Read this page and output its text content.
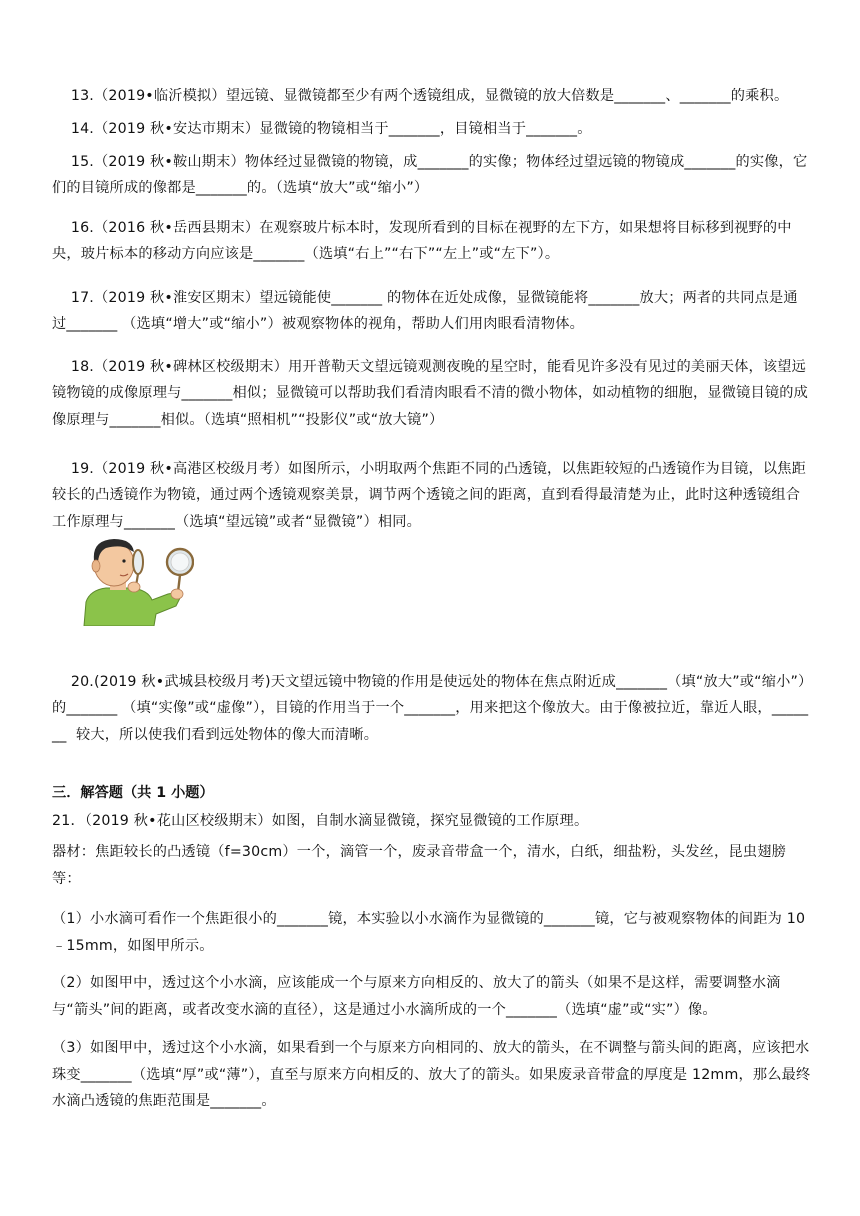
13.（2019•临沂模拟）望远镜、显微镜都至少有两个透镜组成，显微镜的放大倍数是_______、_______的乘积。

14.（2019 秋•安达市期末）显微镜的物镜相当于_______，目镜相当于_______。

15.（2019 秋•鞍山期末）物体经过显微镜的物镜，成_______的实像；物体经过望远镜的物镜成_______的实像，它们的目镜所成的像都是_______的。（选填“放大”或“缩小”）

16.（2016 秋•岳西县期末）在观察玻片标本时，发现所看到的目标在视野的左下方，如果想将目标移到视野的中央，玻片标本的移动方向应该是_______（选填“右上”“右下”“左上”或“左下”）。

17.（2019 秋•淮安区期末）望远镜能使_______ 的物体在近处成像，显微镜能将_______放大；两者的共同点是通过_______ （选填“增大”或“缩小”）被观察物体的视角，帮助人们用肉眼看清物体。

18.（2019 秋•碑林区校级期末）用开普勒天文望远镜观测夜晚的星空时，能看见许多没有见过的美丽天体，该望远镜物镜的成像原理与_______相似；显微镜可以帮助我们看清肉眼看不清的微小物体，如动植物的细胞，显微镜目镜的成像原理与_______相似。（选填“照相机”“投影仪”或“放大镜”）

19.（2019 秋•高港区校级月考）如图所示，小明取两个焦距不同的凸透镜，以焦距较短的凸透镜作为目镜，以焦距较长的凸透镜作为物镜，通过两个透镜观察美景，调节两个透镜之间的距离，直到看得最清楚为止，此时这种透镜组合工作原理与_______（选填“望远镜”或者“显微镜”）相同。

20.(2019 秋•武城县校级月考)天文望远镜中物镜的作用是使远处的物体在焦点附近成_______（填“放大”或“缩小”）的_______ （填“实像”或“虚像”），目镜的作用当于一个_______，用来把这个像放大。由于像被拉近，靠近人眼，_______  较大，所以使我们看到远处物体的像大而清晰。

三．解答题（共 1 小题）
21．（2019 秋•花山区校级期末）如图，自制水滴显微镜，探究显微镜的工作原理。
器材：焦距较长的凸透镜（f=30cm）一个，滴管一个，废录音带盒一个，清水，白纸，细盐粉，头发丝，昆虫翅膀等：
（1）小水滴可看作一个焦距很小的_______镜，本实验以小水滴作为显微镜的_______镜，它与被观察物体的间距为 10﹣15mm，如图甲所示。
（2）如图甲中，透过这个小水滴，应该能成一个与原来方向相反的、放大了的箭头（如果不是这样，需要调整水滴与“箭头”间的距离，或者改变水滴的直径），这是通过小水滴所成的一个_______（选填“虚”或“实”）像。
（3）如图甲中，透过这个小水滴，如果看到一个与原来方向相同的、放大的箭头，在不调整与箭头间的距离，应该把水珠变_______（选填“厚”或“薄”），直至与原来方向相反的、放大了的箭头。如果废录音带盒的厚度是 12mm，那么最终水滴凸透镜的焦距范围是_______。
